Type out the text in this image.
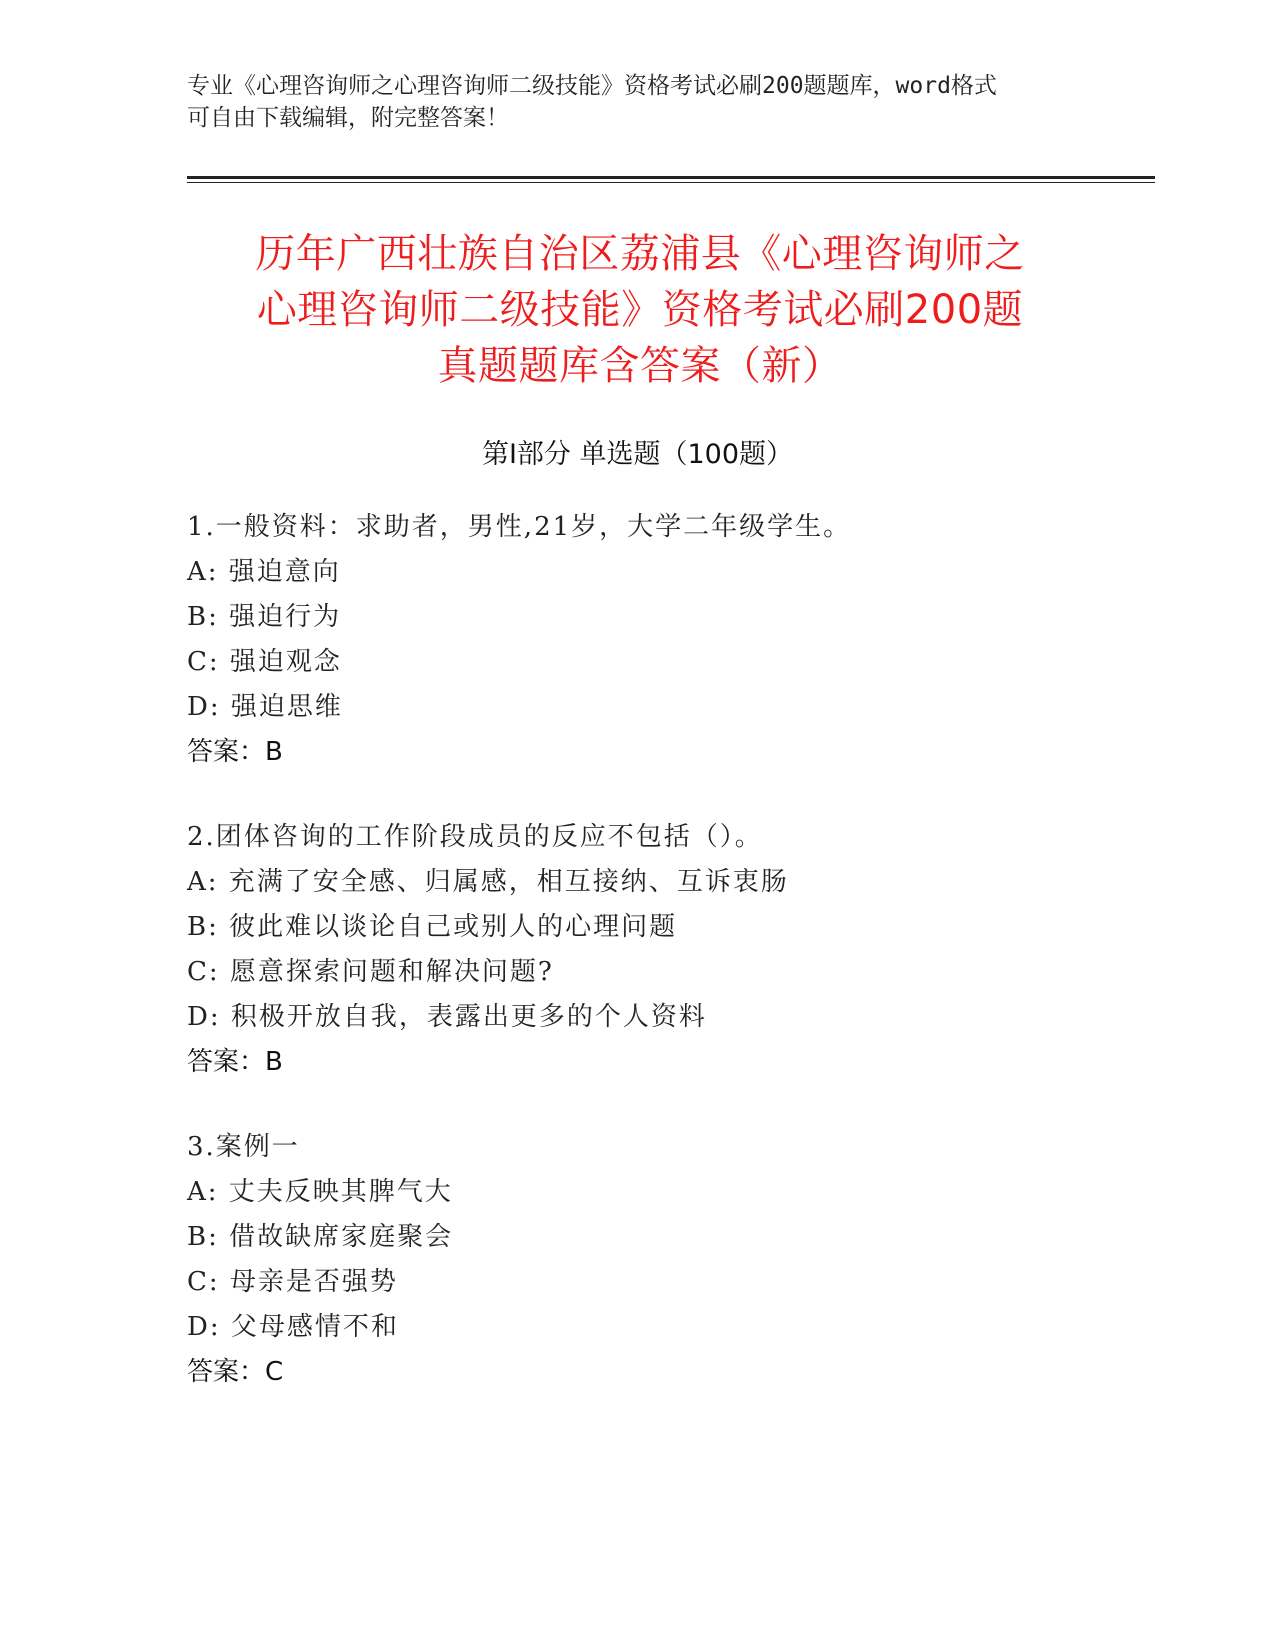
专业《心理咨询师之心理咨询师二级技能》资格考试必刷200题题库，word格式
可自由下载编辑，附完整答案！
历年广西壮族自治区荔浦县《心理咨询师之
心理咨询师二级技能》资格考试必刷200题
真题题库含答案（新）
第Ⅰ部分 单选题（100题）
1.一般资料：求助者，男性,21岁，大学二年级学生。
A: 强迫意向
B: 强迫行为
C: 强迫观念
D: 强迫思维
答案：B
2.团体咨询的工作阶段成员的反应不包括（）。
A: 充满了安全感、归属感，相互接纳、互诉衷肠
B: 彼此难以谈论自己或别人的心理问题
C: 愿意探索问题和解决问题?
D: 积极开放自我，表露出更多的个人资料
答案：B
3.案例一
A: 丈夫反映其脾气大
B: 借故缺席家庭聚会
C: 母亲是否强势
D: 父母感情不和
答案：C
